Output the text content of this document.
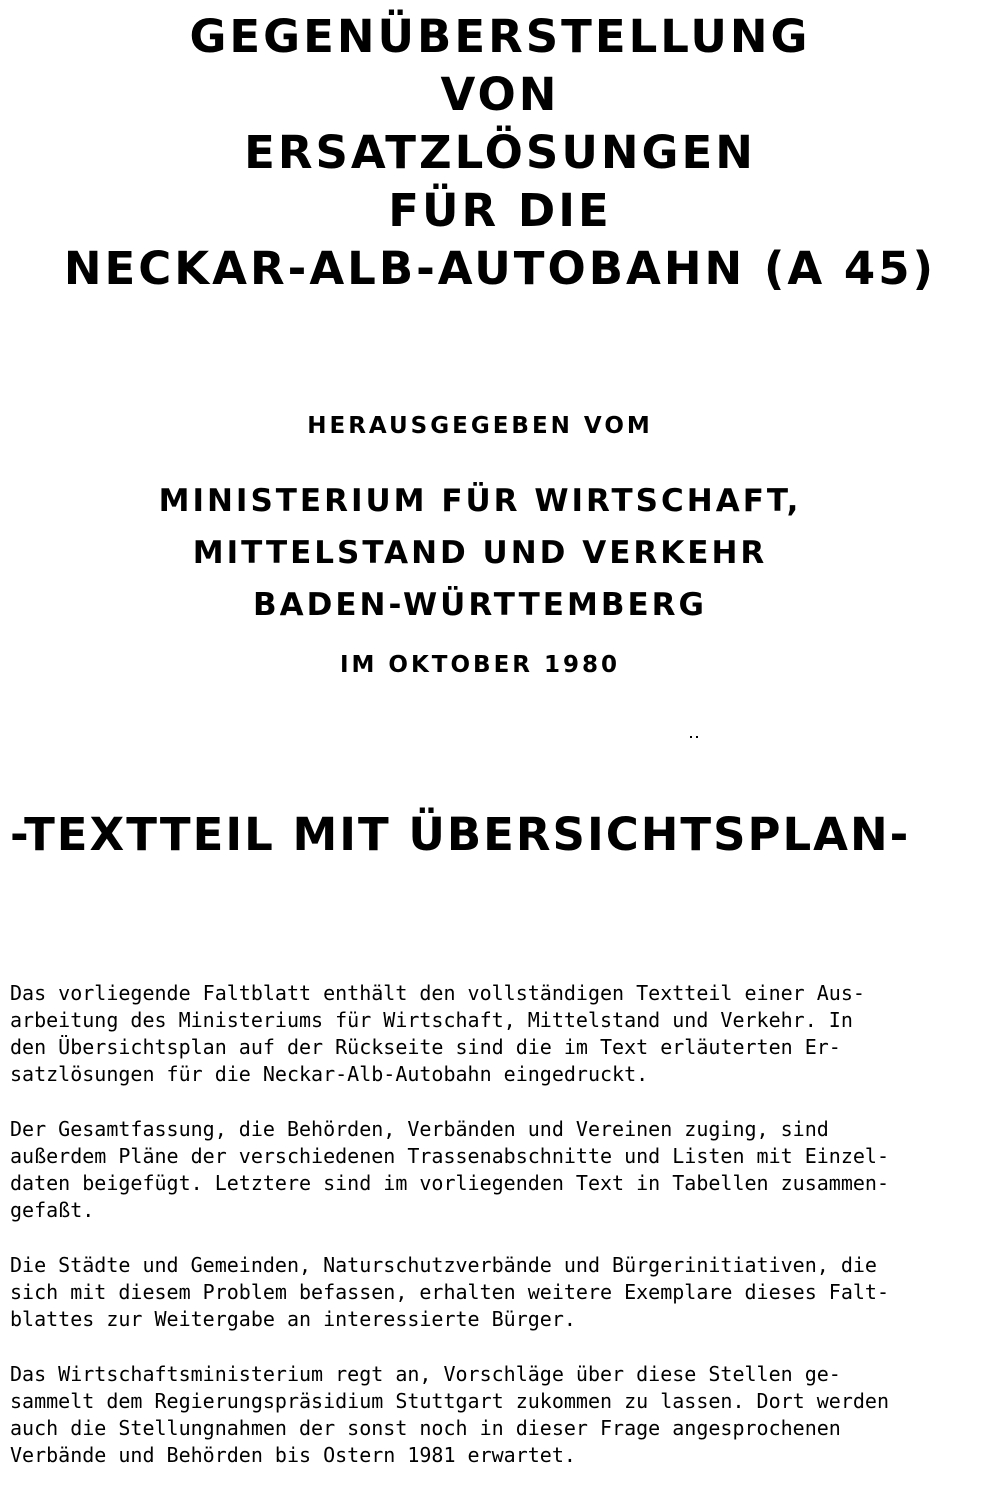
GEGENÜBERSTELLUNG
VON
ERSATZLÖSUNGEN
FÜR DIE
NECKAR-ALB-AUTOBAHN (A 45)
HERAUSGEGEBEN VOM
MINISTERIUM FÜR WIRTSCHAFT,
MITTELSTAND UND VERKEHR
BADEN-WÜRTTEMBERG
IM OKTOBER 1980
-TEXTTEIL MIT ÜBERSICHTSPLAN-

Das vorliegende Faltblatt enthält den vollständigen Textteil einer Aus-
arbeitung des Ministeriums für Wirtschaft, Mittelstand und Verkehr. In
den Übersichtsplan auf der Rückseite sind die im Text erläuterten Er-
satzlösungen für die Neckar-Alb-Autobahn eingedruckt.

Der Gesamtfassung, die Behörden, Verbänden und Vereinen zuging, sind
außerdem Pläne der verschiedenen Trassenabschnitte und Listen mit Einzel-
daten beigefügt. Letztere sind im vorliegenden Text in Tabellen zusammen-
gefaßt.

Die Städte und Gemeinden, Naturschutzverbände und Bürgerinitiativen, die
sich mit diesem Problem befassen, erhalten weitere Exemplare dieses Falt-
blattes zur Weitergabe an interessierte Bürger.

Das Wirtschaftsministerium regt an, Vorschläge über diese Stellen ge-
sammelt dem Regierungspräsidium Stuttgart zukommen zu lassen. Dort werden
auch die Stellungnahmen der sonst noch in dieser Frage angesprochenen
Verbände und Behörden bis Ostern 1981 erwartet.
